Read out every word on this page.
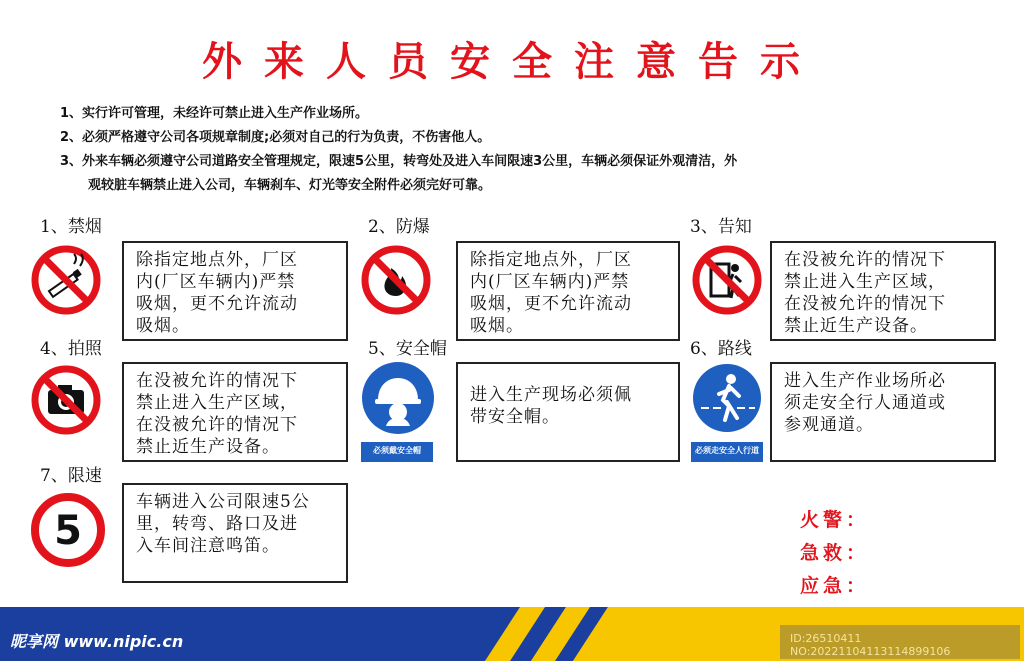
外来人员安全注意告示

1、实行许可管理，未经许可禁止进入生产作业场所。

2、必须严格遵守公司各项规章制度;必须对自己的行为负责，不伤害他人。

3、外来车辆必须遵守公司道路安全管理规定，限速5公里，转弯处及进入车间限速3公里，车辆必须保证外观清洁，外

观较脏车辆禁止进入公司，车辆刹车、灯光等安全附件必须完好可靠。

1、禁烟
除指定地点外，厂区
内(厂区车辆内)严禁
吸烟，更不允许流动
吸烟。
2、防爆
除指定地点外，厂区
内(厂区车辆内)严禁
吸烟，更不允许流动
吸烟。
3、告知
在没被允许的情况下
禁止进入生产区域，
在没被允许的情况下
禁止近生产设备。
4、拍照
在没被允许的情况下
禁止进入生产区域，
在没被允许的情况下
禁止近生产设备。
5、安全帽
必须戴安全帽
进入生产现场必须佩
带安全帽。
6、路线
必须走安全人行道
进入生产作业场所必
须走安全行人通道或
参观通道。
7、限速
5
车辆进入公司限速5公
里，转弯、路口及进
入车间注意鸣笛。
火警：
急救：
应急：
昵享网 www.nipic.cn	ID:26510411 NO:20221104113114899106
